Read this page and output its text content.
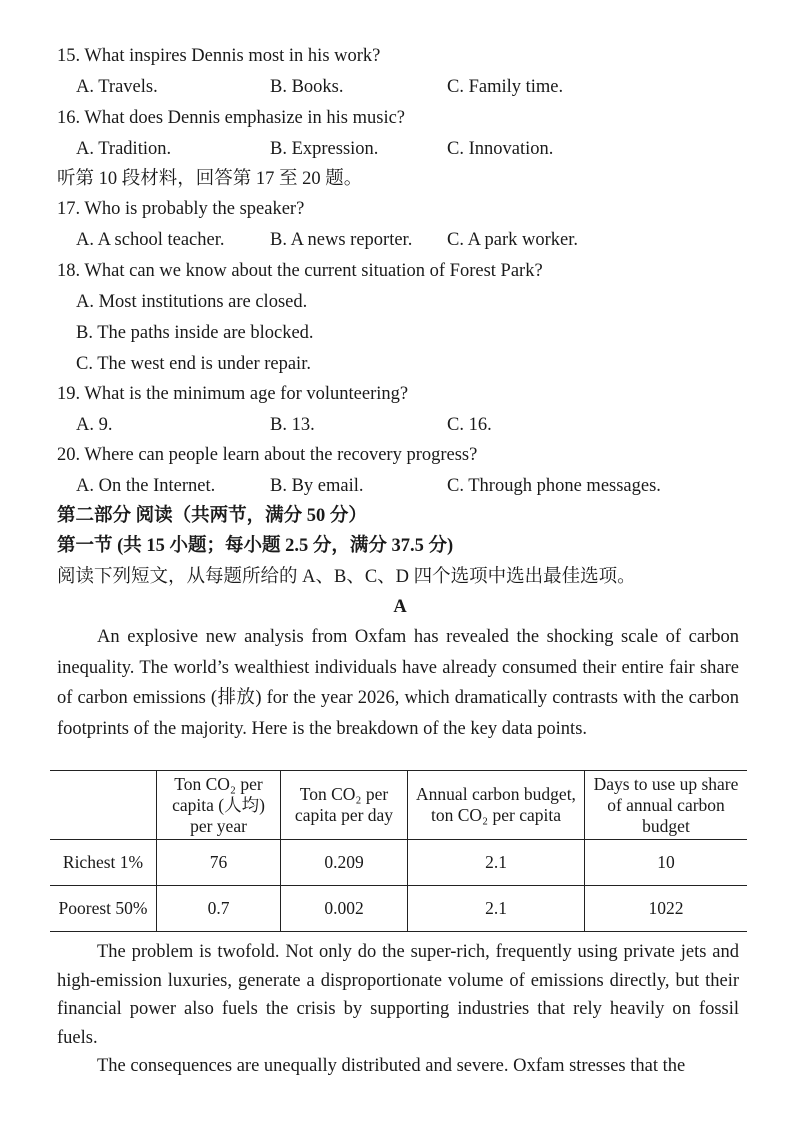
15. What inspires Dennis most in his work?
A. Travels.	B. Books.	C. Family time.
16. What does Dennis emphasize in his music?
A. Tradition.	B. Expression.	C. Innovation.
听第 10 段材料，回答第 17 至 20 题。
17. Who is probably the speaker?
A. A school teacher. B. A news reporter. C. A park worker.
18. What can we know about the current situation of Forest Park?
A. Most institutions are closed.
B. The paths inside are blocked.
C. The west end is under repair.
19. What is the minimum age for volunteering?
A. 9.	B. 13.	C. 16.
20. Where can people learn about the recovery progress?
A. On the Internet.	B. By email.	C. Through phone messages.
第二部分 阅读（共两节，满分 50 分）
第一节 (共 15 小题；每小题 2.5 分，满分 37.5 分)
阅读下列短文，从每题所给的 A、B、C、D 四个选项中选出最佳选项。
A

An explosive new analysis from Oxfam has revealed the shocking scale of carbon inequality. The world’s wealthiest individuals have already consumed their entire fair share of carbon emissions (排放) for the year 2026, which dramatically contrasts with the carbon footprints of the majority. Here is the breakdown of the key data points.

	Ton CO₂ per capita (人均) per year	Ton CO₂ per capita per day	Annual carbon budget, ton CO₂ per capita	Days to use up share of annual carbon budget
Richest 1%	76	0.209	2.1	10
Poorest 50%	0.7	0.002	2.1	1022

The problem is twofold. Not only do the super-rich, frequently using private jets and high-emission luxuries, generate a disproportionate volume of emissions directly, but their financial power also fuels the crisis by supporting industries that rely heavily on fossil fuels.

The consequences are unequally distributed and severe. Oxfam stresses that the
